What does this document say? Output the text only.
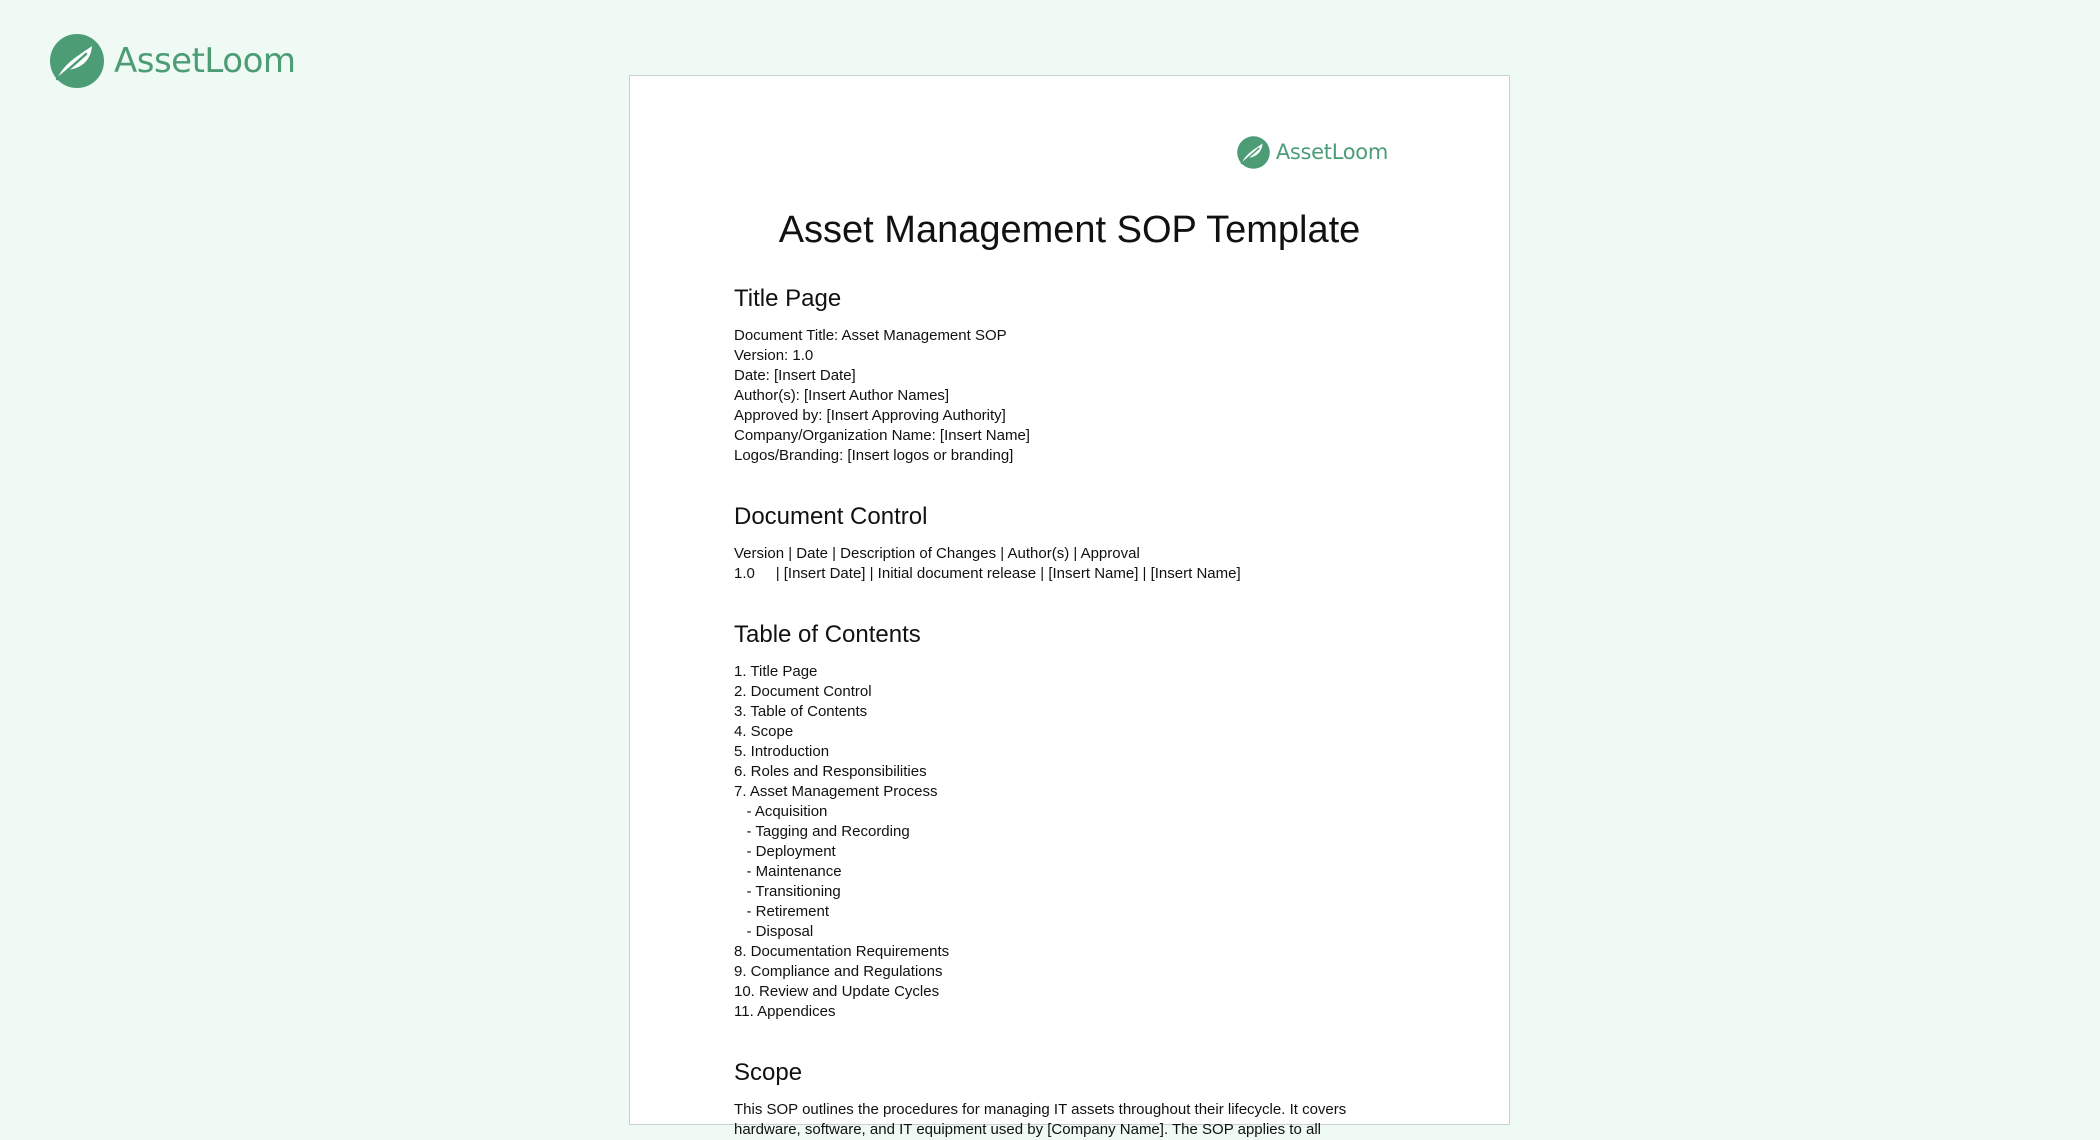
AssetLoom
AssetLoom
Asset Management SOP Template
Title Page
Document Title: Asset Management SOP
Version: 1.0
Date: [Insert Date]
Author(s): [Insert Author Names]
Approved by: [Insert Approving Authority]
Company/Organization Name: [Insert Name]
Logos/Branding: [Insert logos or branding]
Document Control
Version | Date | Description of Changes | Author(s) | Approval
1.0     | [Insert Date] | Initial document release | [Insert Name] | [Insert Name]
Table of Contents
1. Title Page
2. Document Control
3. Table of Contents
4. Scope
5. Introduction
6. Roles and Responsibilities
7. Asset Management Process
- Acquisition
- Tagging and Recording
- Deployment
- Maintenance
- Transitioning
- Retirement
- Disposal
8. Documentation Requirements
9. Compliance and Regulations
10. Review and Update Cycles
11. Appendices
Scope

This SOP outlines the procedures for managing IT assets throughout their lifecycle. It covers hardware, software, and IT equipment used by [Company Name]. The SOP applies to all
